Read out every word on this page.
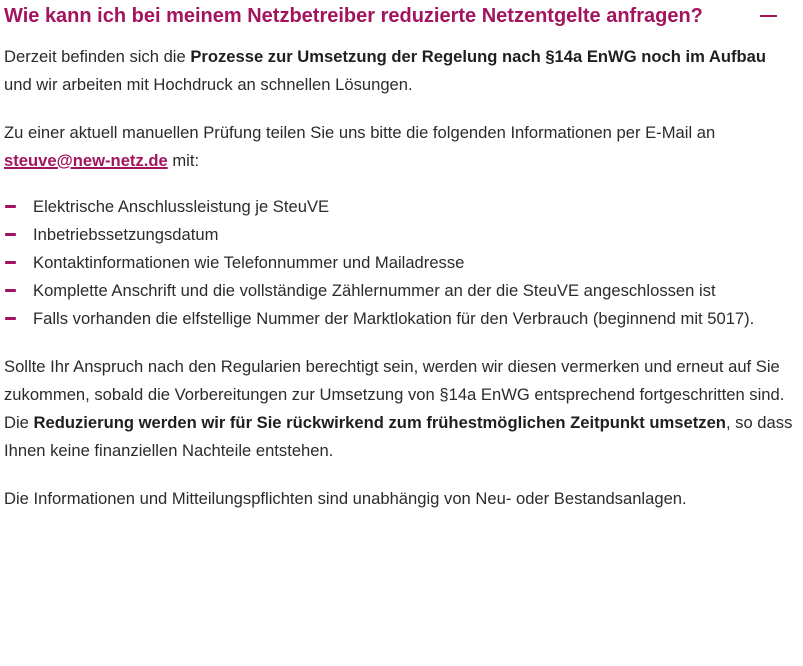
Wie kann ich bei meinem Netzbetreiber reduzierte Netzentgelte anfragen?

Derzeit befinden sich die Prozesse zur Umsetzung der Regelung nach §14a EnWG noch im Aufbau und wir arbeiten mit Hochdruck an schnellen Lösungen.

Zu einer aktuell manuellen Prüfung teilen Sie uns bitte die folgenden Informationen per E-Mail an steuve@new-netz.de mit:

Elektrische Anschlussleistung je SteuVE
Inbetriebssetzungsdatum
Kontaktinformationen wie Telefonnummer und Mailadresse
Komplette Anschrift und die vollständige Zählernummer an der die SteuVE angeschlossen ist
Falls vorhanden die elfstellige Nummer der Marktlokation für den Verbrauch (beginnend mit 5017).

Sollte Ihr Anspruch nach den Regularien berechtigt sein, werden wir diesen vermerken und erneut auf Sie zukommen, sobald die Vorbereitungen zur Umsetzung von §14a EnWG entsprechend fortgeschritten sind. Die Reduzierung werden wir für Sie rückwirkend zum frühestmöglichen Zeitpunkt umsetzen, so dass Ihnen keine finanziellen Nachteile entstehen.

Die Informationen und Mitteilungspflichten sind unabhängig von Neu- oder Bestandsanlagen.
